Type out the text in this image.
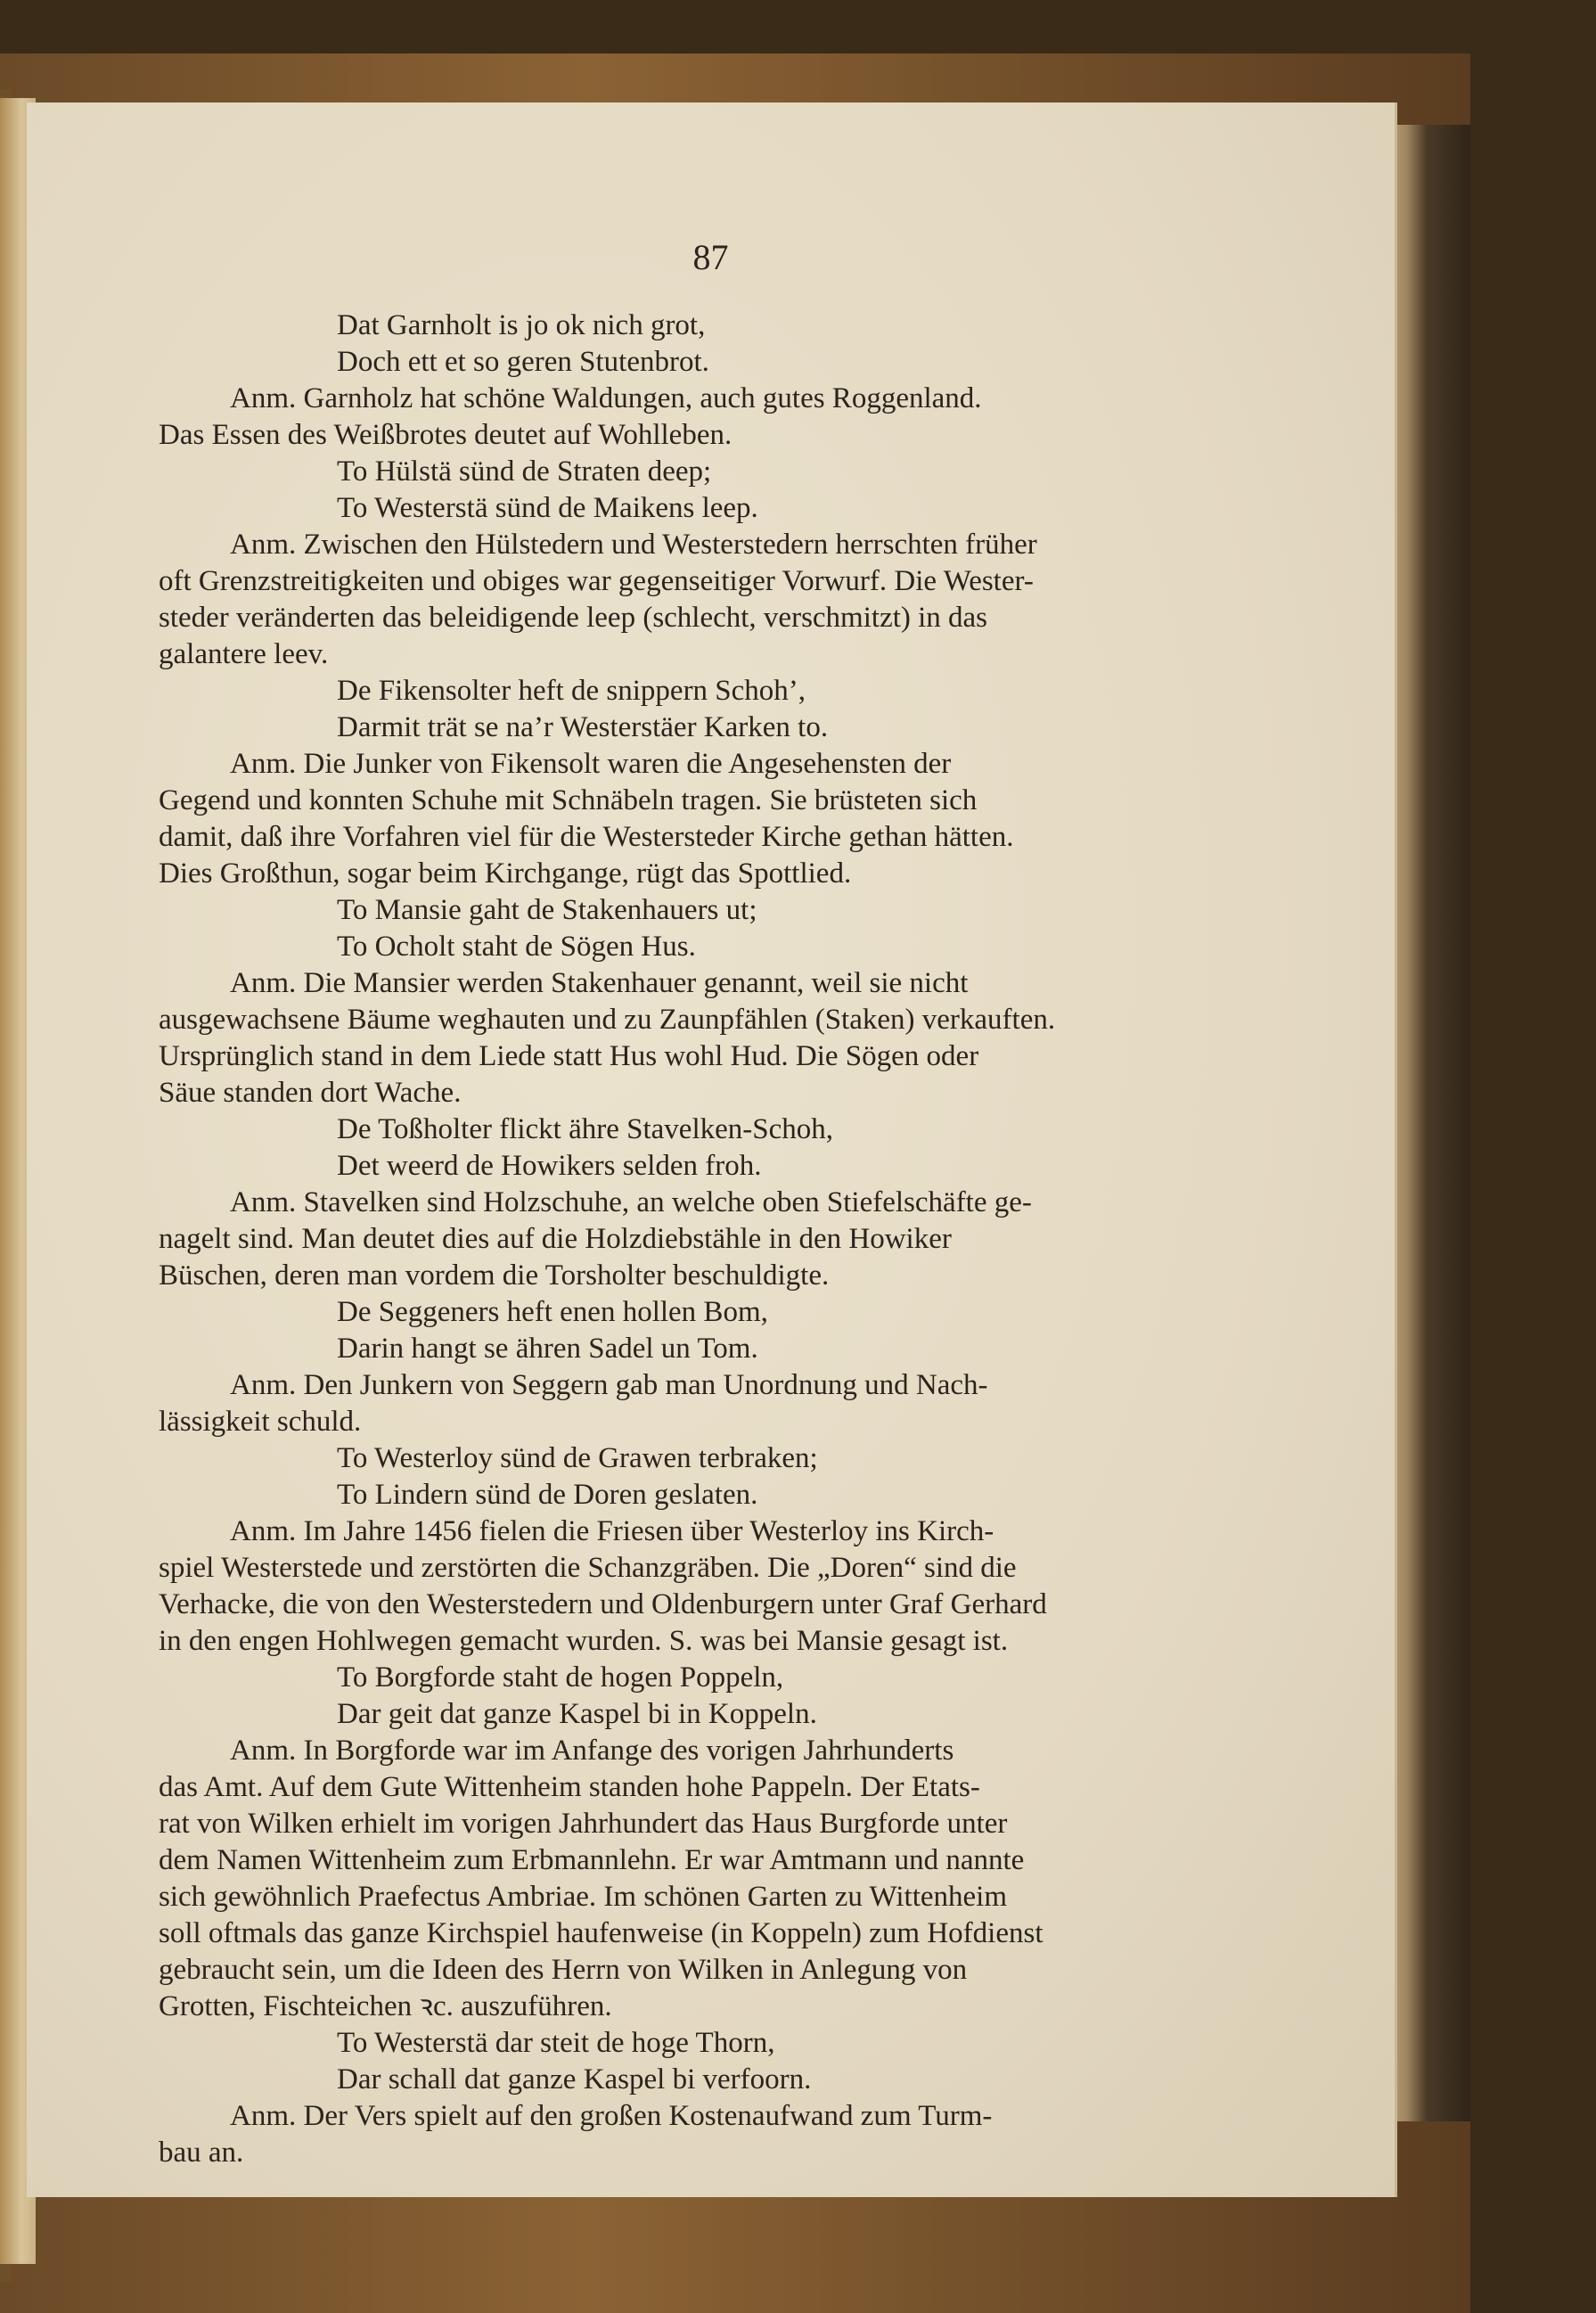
87
Dat Garnholt is jo ok nich grot,
Doch ett et so geren Stutenbrot.
Anm. Garnholz hat schöne Waldungen, auch gutes Roggenland.
Das Essen des Weißbrotes deutet auf Wohlleben.
To Hülstä sünd de Straten deep;
To Westerstä sünd de Maikens leep.
Anm. Zwischen den Hülstedern und Westerstedern herrschten früher
oft Grenzstreitigkeiten und obiges war gegenseitiger Vorwurf. Die Wester-
steder veränderten das beleidigende leep (schlecht, verschmitzt) in das
galantere leev.
De Fikensolter heft de snippern Schoh’,
Darmit trät se na’r Westerstäer Karken to.
Anm. Die Junker von Fikensolt waren die Angesehensten der
Gegend und konnten Schuhe mit Schnäbeln tragen. Sie brüsteten sich
damit, daß ihre Vorfahren viel für die Westersteder Kirche gethan hätten.
Dies Großthun, sogar beim Kirchgange, rügt das Spottlied.
To Mansie gaht de Stakenhauers ut;
To Ocholt staht de Sögen Hus.
Anm. Die Mansier werden Stakenhauer genannt, weil sie nicht
ausgewachsene Bäume weghauten und zu Zaunpfählen (Staken) verkauften.
Ursprünglich stand in dem Liede statt Hus wohl Hud. Die Sögen oder
Säue standen dort Wache.
De Toßholter flickt ähre Stavelken-Schoh,
Det weerd de Howikers selden froh.
Anm. Stavelken sind Holzschuhe, an welche oben Stiefelschäfte ge-
nagelt sind. Man deutet dies auf die Holzdiebstähle in den Howiker
Büschen, deren man vordem die Torsholter beschuldigte.
De Seggeners heft enen hollen Bom,
Darin hangt se ähren Sadel un Tom.
Anm. Den Junkern von Seggern gab man Unordnung und Nach-
lässigkeit schuld.
To Westerloy sünd de Grawen terbraken;
To Lindern sünd de Doren geslaten.
Anm. Im Jahre 1456 fielen die Friesen über Westerloy ins Kirch-
spiel Westerstede und zerstörten die Schanzgräben. Die „Doren“ sind die
Verhacke, die von den Westerstedern und Oldenburgern unter Graf Gerhard
in den engen Hohlwegen gemacht wurden. S. was bei Mansie gesagt ist.
To Borgforde staht de hogen Poppeln,
Dar geit dat ganze Kaspel bi in Koppeln.
Anm. In Borgforde war im Anfange des vorigen Jahrhunderts
das Amt. Auf dem Gute Wittenheim standen hohe Pappeln. Der Etats-
rat von Wilken erhielt im vorigen Jahrhundert das Haus Burgforde unter
dem Namen Wittenheim zum Erbmannlehn. Er war Amtmann und nannte
sich gewöhnlich Praefectus Ambriae. Im schönen Garten zu Wittenheim
soll oftmals das ganze Kirchspiel haufenweise (in Koppeln) zum Hofdienst
gebraucht sein, um die Ideen des Herrn von Wilken in Anlegung von
Grotten, Fischteichen ꝛc. auszuführen.
To Westerstä dar steit de hoge Thorn,
Dar schall dat ganze Kaspel bi verfoorn.
Anm. Der Vers spielt auf den großen Kostenaufwand zum Turm-
bau an.
